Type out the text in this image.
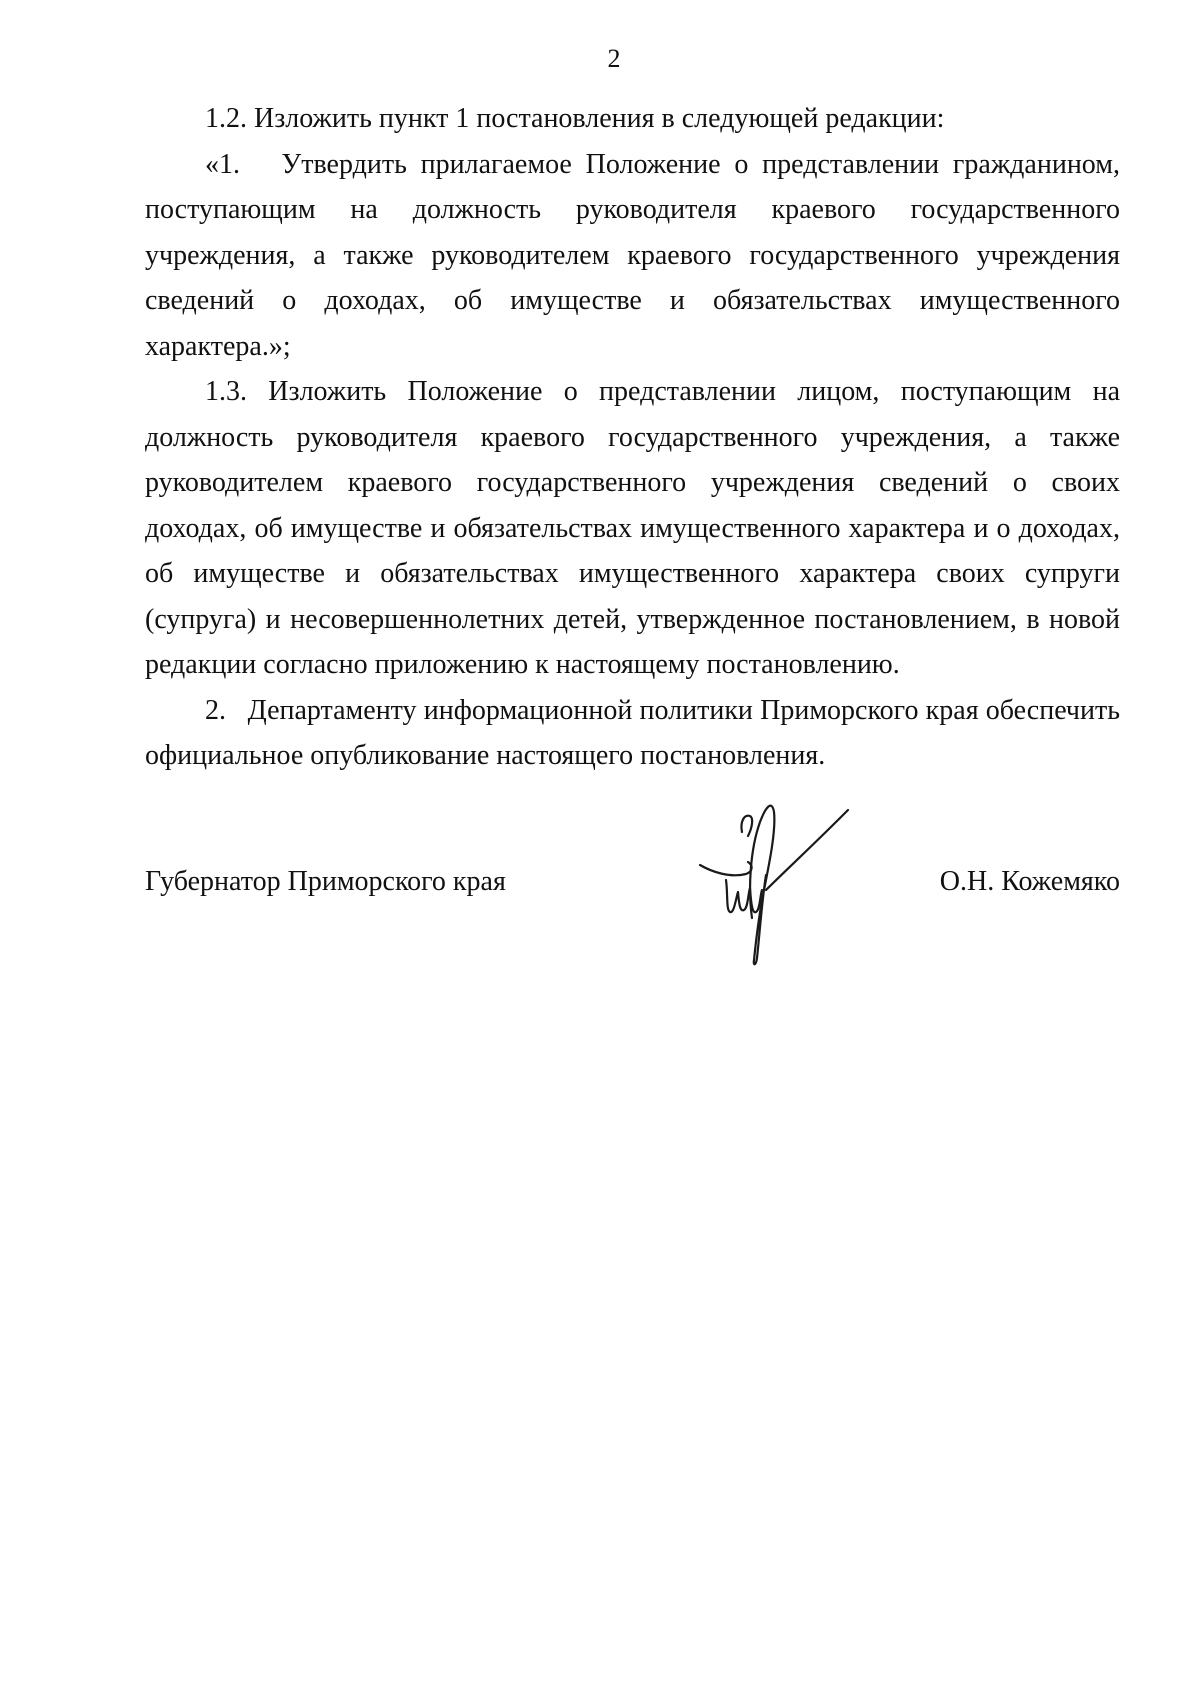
2

1.2. Изложить пункт 1 постановления в следующей редакции:

«1.   Утвердить прилагаемое Положение о представлении гражданином, поступающим на должность руководителя краевого государственного учреждения, а также руководителем краевого государственного учреждения сведений о доходах, об имуществе и обязательствах имущественного характера.»;

1.3. Изложить Положение о представлении лицом, поступающим на должность руководителя краевого государственного учреждения, а также руководителем краевого государственного учреждения сведений о своих доходах, об имуществе и обязательствах имущественного характера и о доходах, об имуществе и обязательствах имущественного характера своих супруги (супруга) и несовершеннолетних детей, утвержденное постановлением, в новой редакции согласно приложению к настоящему постановлению.

2.   Департаменту информационной политики Приморского края обеспечить официальное опубликование настоящего постановления.

Губернатор Приморского края	О.Н. Кожемяко
